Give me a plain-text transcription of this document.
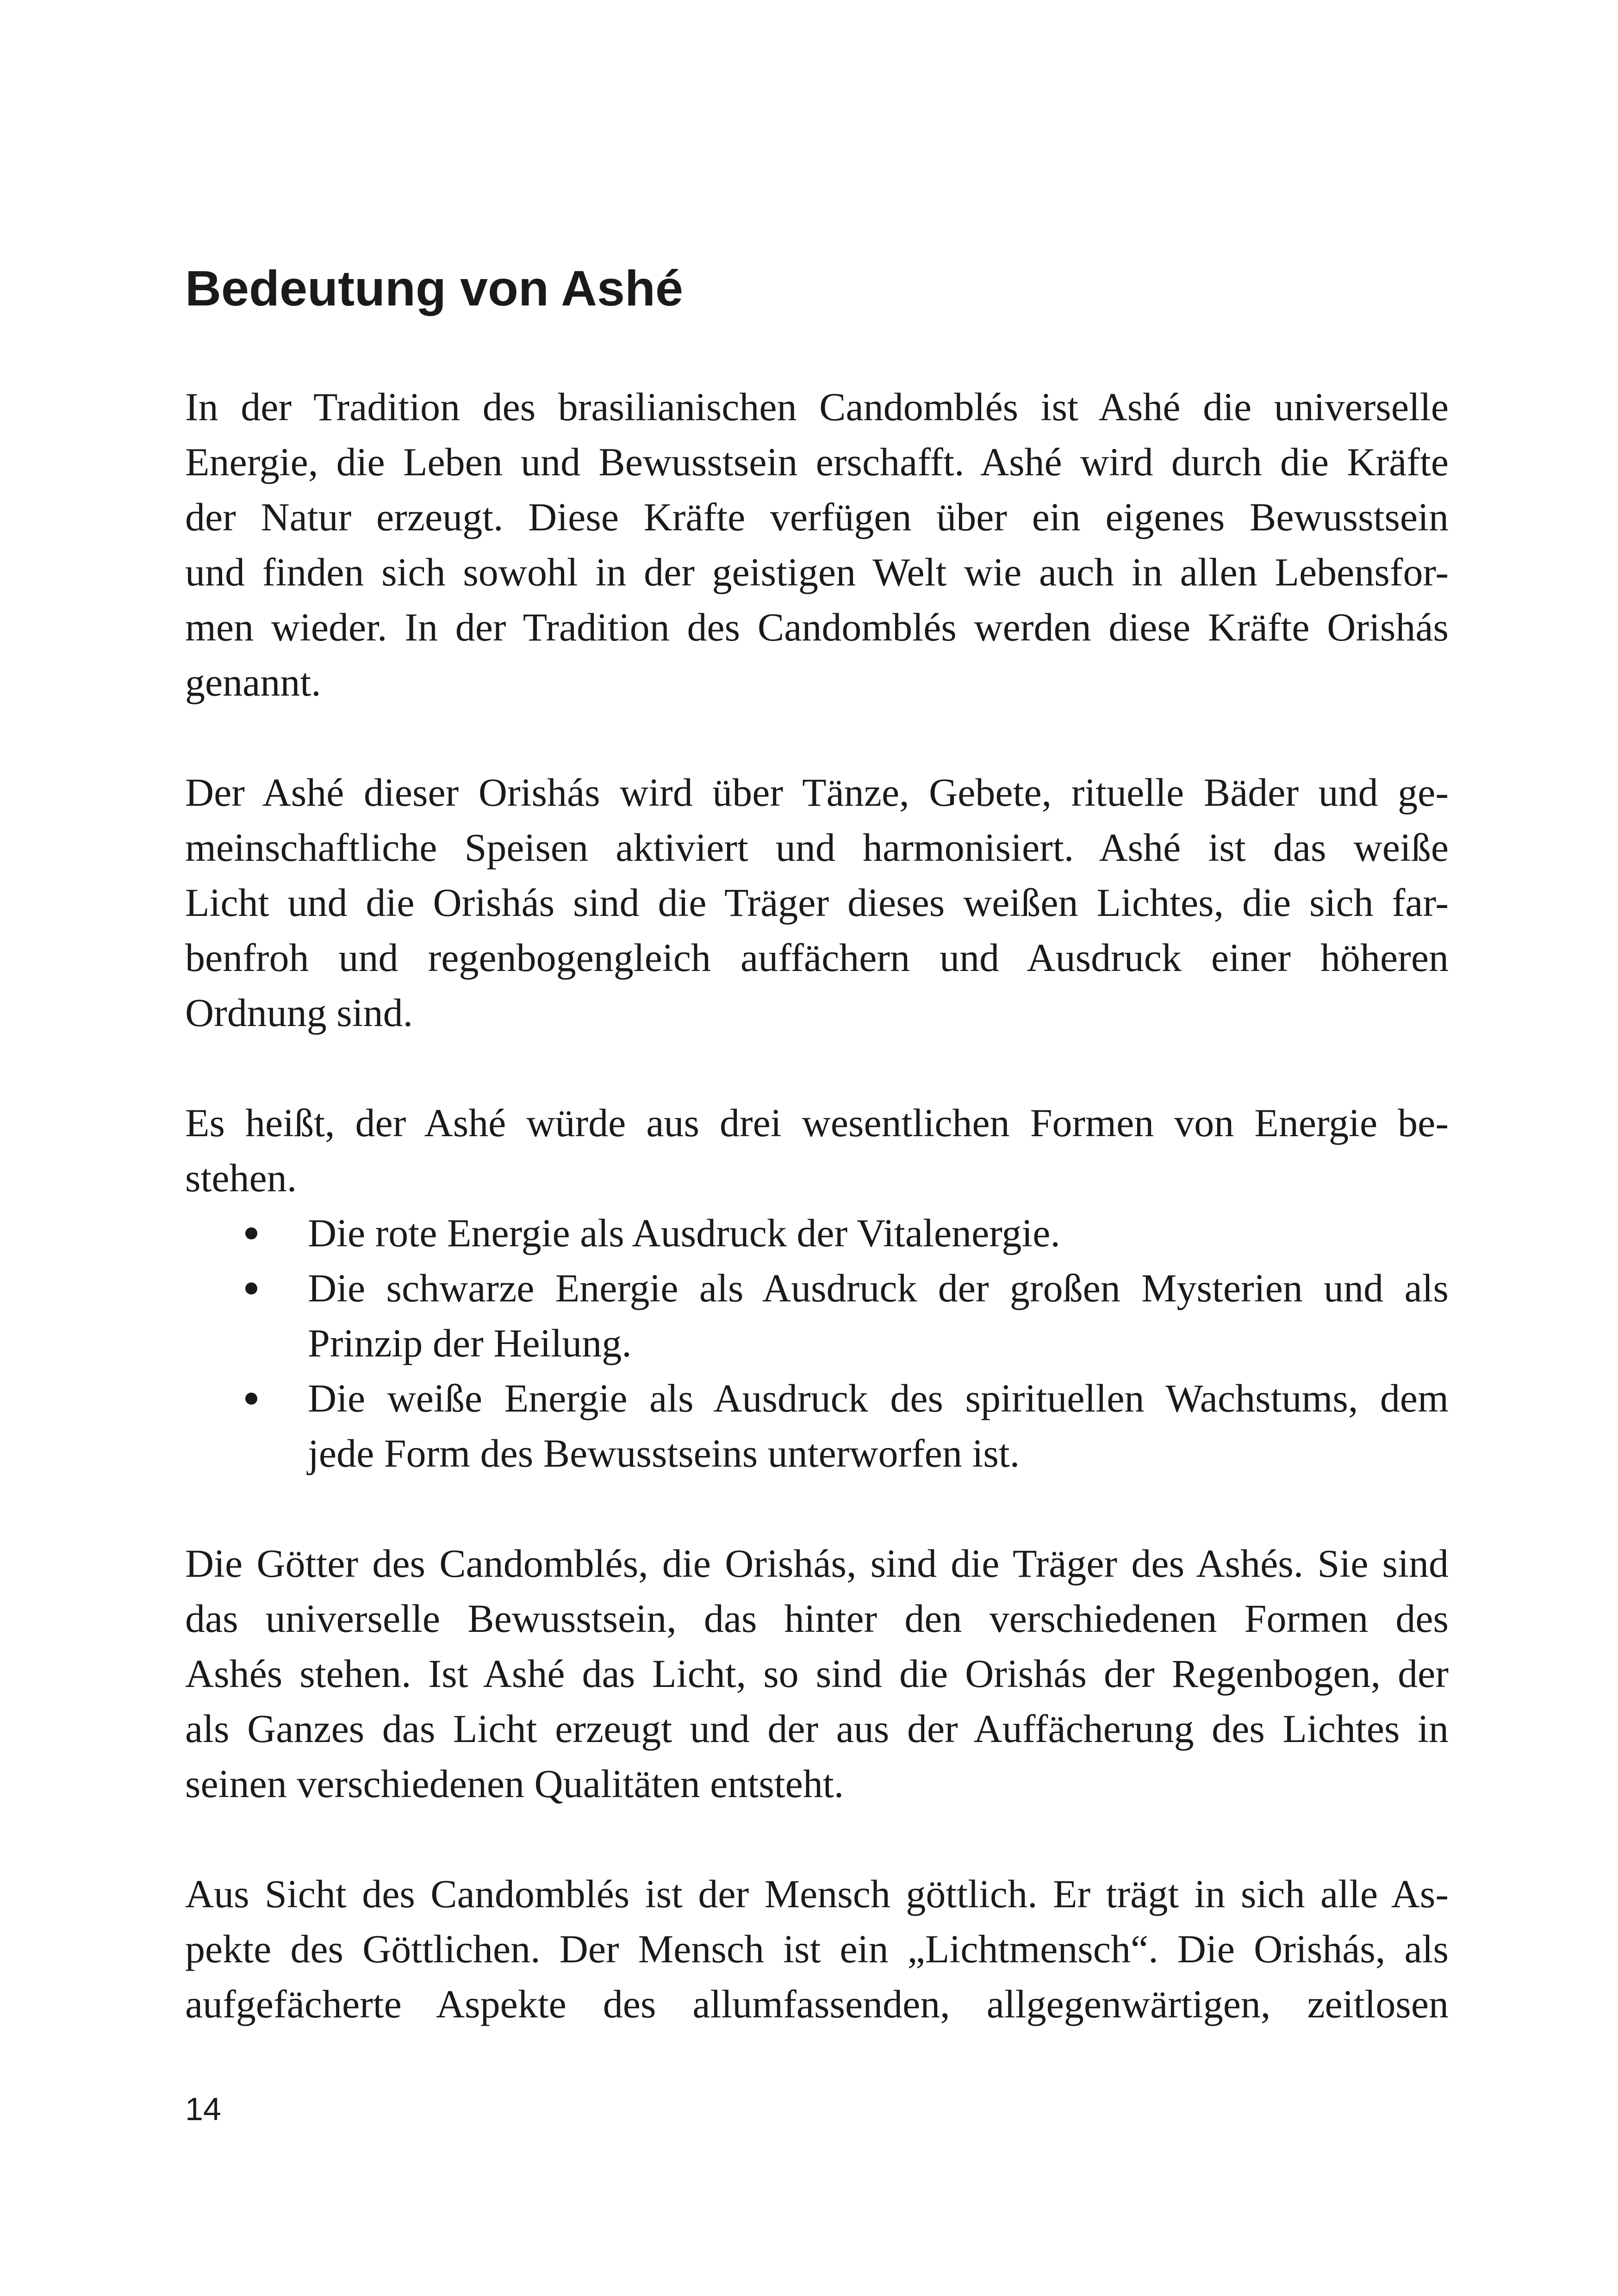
Bedeutung von Ashé

In der Tradition des brasilianischen Candomblés ist Ashé die universelle
Energie, die Leben und Bewusstsein erschafft. Ashé wird durch die Kräfte
der Natur erzeugt. Diese Kräfte verfügen über ein eigenes Bewusstsein
und finden sich sowohl in der geistigen Welt wie auch in allen Lebensfor-
men wieder. In der Tradition des Candomblés werden diese Kräfte Orishás
genannt.

Der Ashé dieser Orishás wird über Tänze, Gebete, rituelle Bäder und ge-
meinschaftliche Speisen aktiviert und harmonisiert. Ashé ist das weiße
Licht und die Orishás sind die Träger dieses weißen Lichtes, die sich far-
benfroh und regenbogengleich auffächern und Ausdruck einer höheren
Ordnung sind.

Es heißt, der Ashé würde aus drei wesentlichen Formen von Energie be-
stehen.

Die rote Energie als Ausdruck der Vitalenergie.
Die schwarze Energie als Ausdruck der großen Mysterien und als
Prinzip der Heilung.
Die weiße Energie als Ausdruck des spirituellen Wachstums, dem
jede Form des Bewusstseins unterworfen ist.

Die Götter des Candomblés, die Orishás, sind die Träger des Ashés. Sie sind
das universelle Bewusstsein, das hinter den verschiedenen Formen des
Ashés stehen. Ist Ashé das Licht, so sind die Orishás der Regenbogen, der
als Ganzes das Licht erzeugt und der aus der Auffächerung des Lichtes in
seinen verschiedenen Qualitäten entsteht.

Aus Sicht des Candomblés ist der Mensch göttlich. Er trägt in sich alle As-
pekte des Göttlichen. Der Mensch ist ein „Lichtmensch“. Die Orishás, als
aufgefächerte Aspekte des allumfassenden, allgegenwärtigen, zeitlosen

14
